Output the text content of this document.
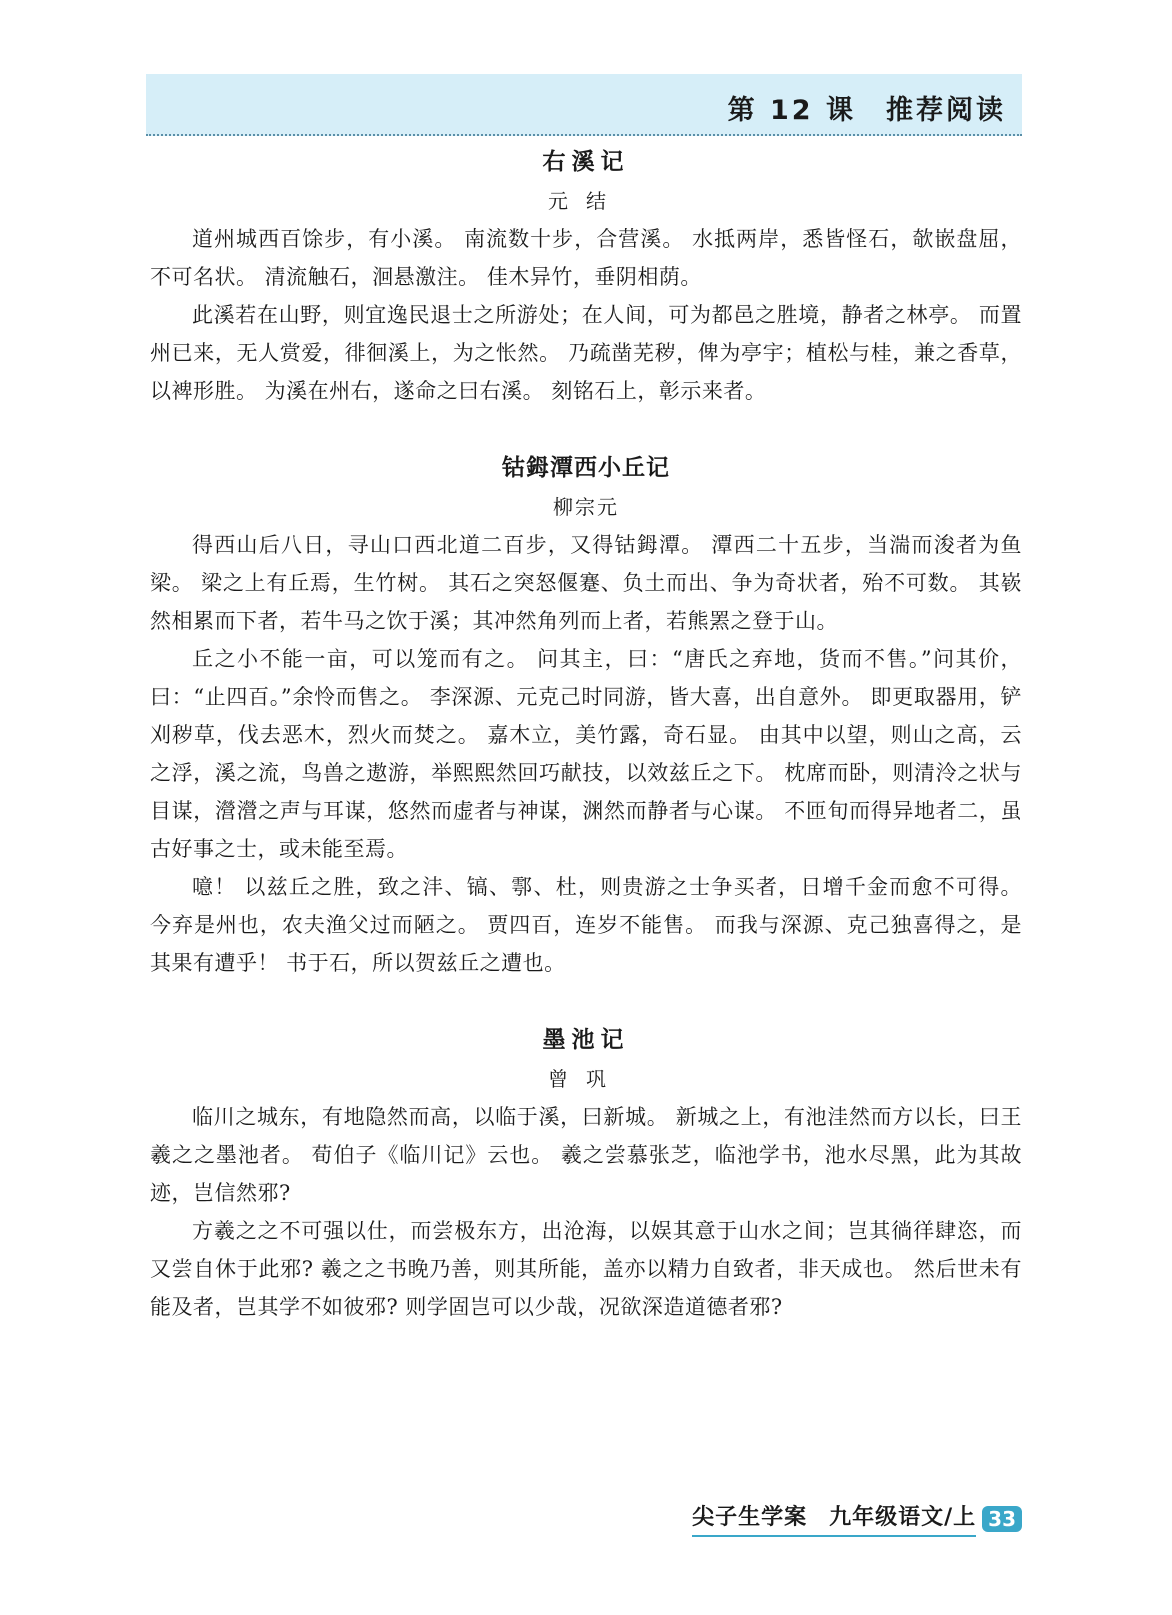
第 12 课　推荐阅读
右溪记
元结

道州城西百馀步，有小溪。 南流数十步，合营溪。 水抵两岸，悉皆怪石，欹嵌盘屈，不可名状。 清流触石，洄悬激注。 佳木异竹，垂阴相荫。

此溪若在山野，则宜逸民退士之所游处；在人间，可为都邑之胜境，静者之林亭。 而置州已来，无人赏爱，徘徊溪上，为之怅然。 乃疏凿芜秽，俾为亭宇；植松与桂，兼之香草，以裨形胜。 为溪在州右，遂命之曰右溪。 刻铭石上，彰示来者。

钴鉧潭西小丘记
柳宗元

得西山后八日，寻山口西北道二百步，又得钴鉧潭。 潭西二十五步，当湍而浚者为鱼梁。 梁之上有丘焉，生竹树。 其石之突怒偃蹇、负土而出、争为奇状者，殆不可数。 其嵚然相累而下者，若牛马之饮于溪；其冲然角列而上者，若熊罴之登于山。

丘之小不能一亩，可以笼而有之。 问其主，曰：“唐氏之弃地，货而不售。”问其价，曰：“止四百。”余怜而售之。 李深源、元克己时同游，皆大喜，出自意外。 即更取器用，铲刈秽草，伐去恶木，烈火而焚之。 嘉木立，美竹露，奇石显。 由其中以望，则山之高，云之浮，溪之流，鸟兽之遨游，举熙熙然回巧献技，以效兹丘之下。 枕席而卧，则清泠之状与目谋，瀯瀯之声与耳谋，悠然而虚者与神谋，渊然而静者与心谋。 不匝旬而得异地者二，虽古好事之士，或未能至焉。

噫！ 以兹丘之胜，致之沣、镐、鄠、杜，则贵游之士争买者，日增千金而愈不可得。 今弃是州也，农夫渔父过而陋之。 贾四百，连岁不能售。 而我与深源、克己独喜得之，是其果有遭乎！ 书于石，所以贺兹丘之遭也。

墨池记
曾巩

临川之城东，有地隐然而高，以临于溪，曰新城。 新城之上，有池洼然而方以长，曰王羲之之墨池者。 荀伯子《临川记》云也。 羲之尝慕张芝，临池学书，池水尽黑，此为其故迹，岂信然邪?

方羲之之不可强以仕，而尝极东方，出沧海，以娱其意于山水之间；岂其徜徉肆恣，而又尝自休于此邪? 羲之之书晚乃善，则其所能，盖亦以精力自致者，非天成也。 然后世未有能及者，岂其学不如彼邪? 则学固岂可以少哉，况欲深造道德者邪?

尖子生学案 九年级语文/上 33
